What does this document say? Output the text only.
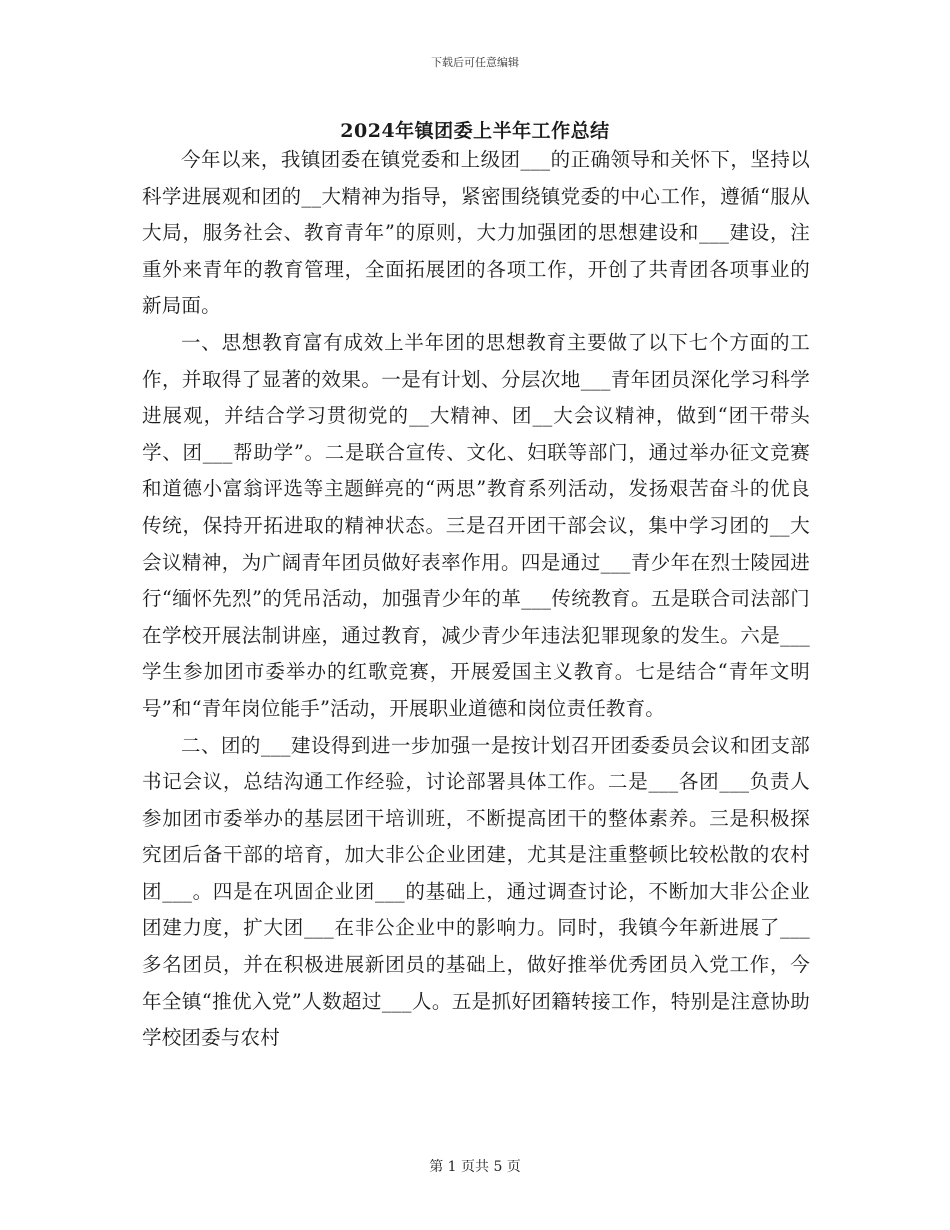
下载后可任意编辑
2024年镇团委上半年工作总结

今年以来，我镇团委在镇党委和上级团___的正确领导和关怀下，坚持以科学进展观和团的__大精神为指导，紧密围绕镇党委的中心工作，遵循“服从大局，服务社会、教育青年”的原则，大力加强团的思想建设和___建设，注重外来青年的教育管理，全面拓展团的各项工作，开创了共青团各项事业的新局面。

一、思想教育富有成效上半年团的思想教育主要做了以下七个方面的工作，并取得了显著的效果。一是有计划、分层次地___青年团员深化学习科学进展观，并结合学习贯彻党的__大精神、团__大会议精神，做到“团干带头学、团___帮助学”。二是联合宣传、文化、妇联等部门，通过举办征文竞赛和道德小富翁评选等主题鲜亮的“两思”教育系列活动，发扬艰苦奋斗的优良传统，保持开拓进取的精神状态。三是召开团干部会议，集中学习团的__大会议精神，为广阔青年团员做好表率作用。四是通过___青少年在烈士陵园进行“缅怀先烈”的凭吊活动，加强青少年的革___传统教育。五是联合司法部门在学校开展法制讲座，通过教育，减少青少年违法犯罪现象的发生。六是___学生参加团市委举办的红歌竞赛，开展爱国主义教育。七是结合“青年文明号”和“青年岗位能手”活动，开展职业道德和岗位责任教育。

二、团的___建设得到进一步加强一是按计划召开团委委员会议和团支部书记会议，总结沟通工作经验，讨论部署具体工作。二是___各团___负责人参加团市委举办的基层团干培训班，不断提高团干的整体素养。三是积极探究团后备干部的培育，加大非公企业团建，尤其是注重整顿比较松散的农村团___。四是在巩固企业团___的基础上，通过调查讨论，不断加大非公企业团建力度，扩大团___在非公企业中的影响力。同时，我镇今年新进展了___多名团员，并在积极进展新团员的基础上，做好推举优秀团员入党工作，今年全镇“推优入党”人数超过___人。五是抓好团籍转接工作，特别是注意协助学校团委与农村

第 1 页共 5 页
